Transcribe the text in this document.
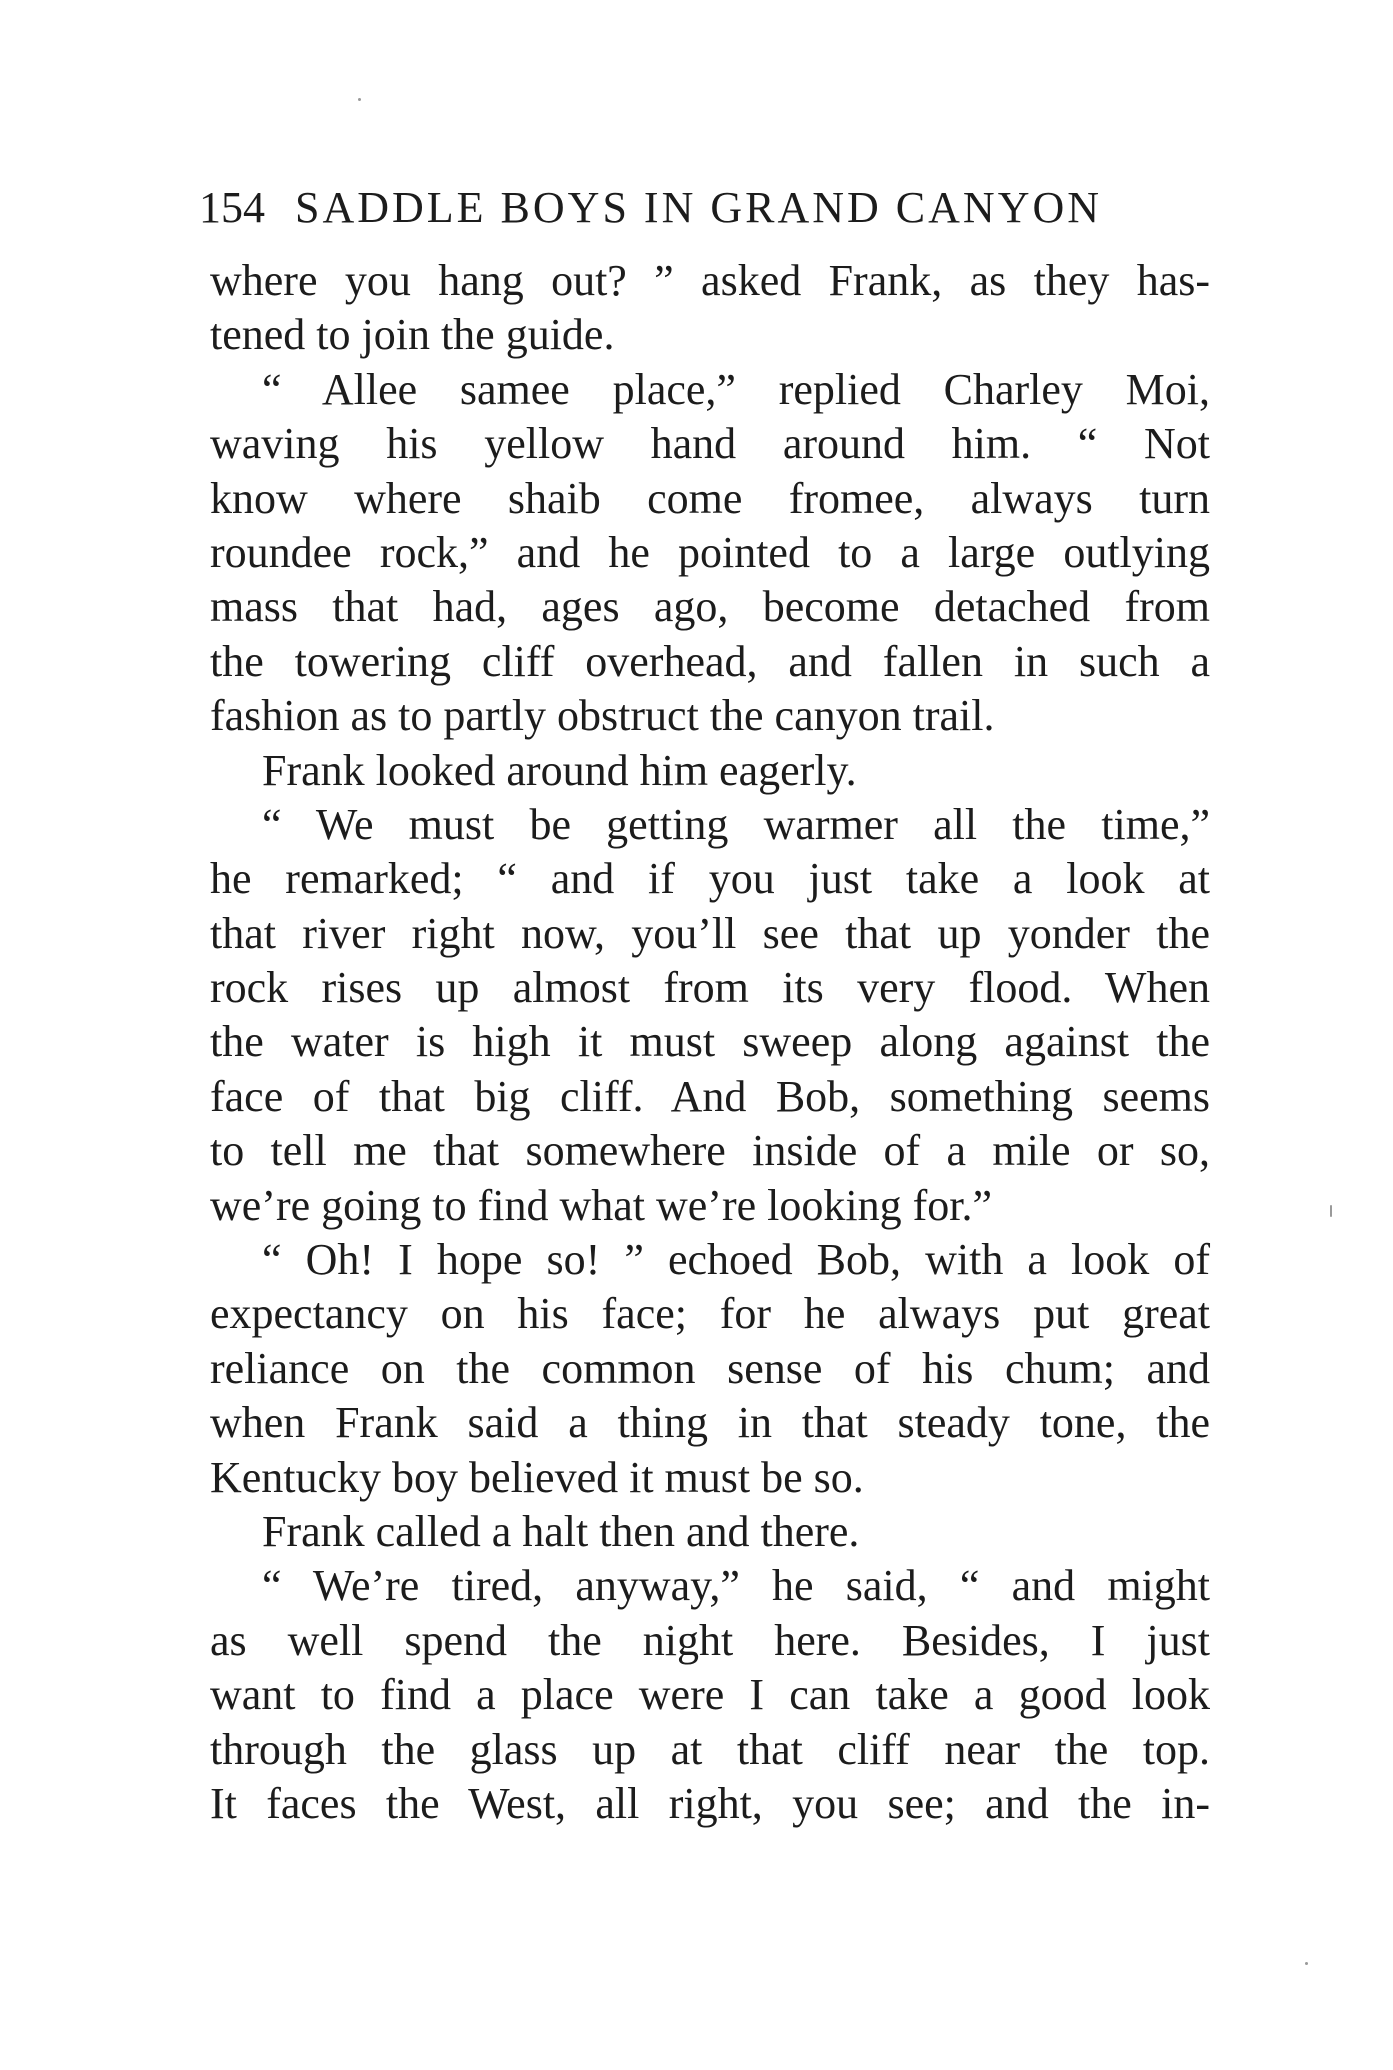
154 SADDLE BOYS IN GRAND CANYON
where you hang out? ” asked Frank, as they has-
tened to join the guide.
“ Allee samee place,” replied Charley Moi,
waving his yellow hand around him. “ Not
know where shaib come fromee, always turn
roundee rock,” and he pointed to a large outlying
mass that had, ages ago, become detached from
the towering cliff overhead, and fallen in such a
fashion as to partly obstruct the canyon trail.
Frank looked around him eagerly.
“ We must be getting warmer all the time,”
he remarked; “ and if you just take a look at
that river right now, you’ll see that up yonder the
rock rises up almost from its very flood. When
the water is high it must sweep along against the
face of that big cliff. And Bob, something seems
to tell me that somewhere inside of a mile or so,
we’re going to find what we’re looking for.”
“ Oh! I hope so! ” echoed Bob, with a look of
expectancy on his face; for he always put great
reliance on the common sense of his chum; and
when Frank said a thing in that steady tone, the
Kentucky boy believed it must be so.
Frank called a halt then and there.
“ We’re tired, anyway,” he said, “ and might
as well spend the night here. Besides, I just
want to find a place were I can take a good look
through the glass up at that cliff near the top.
It faces the West, all right, you see; and the in-
